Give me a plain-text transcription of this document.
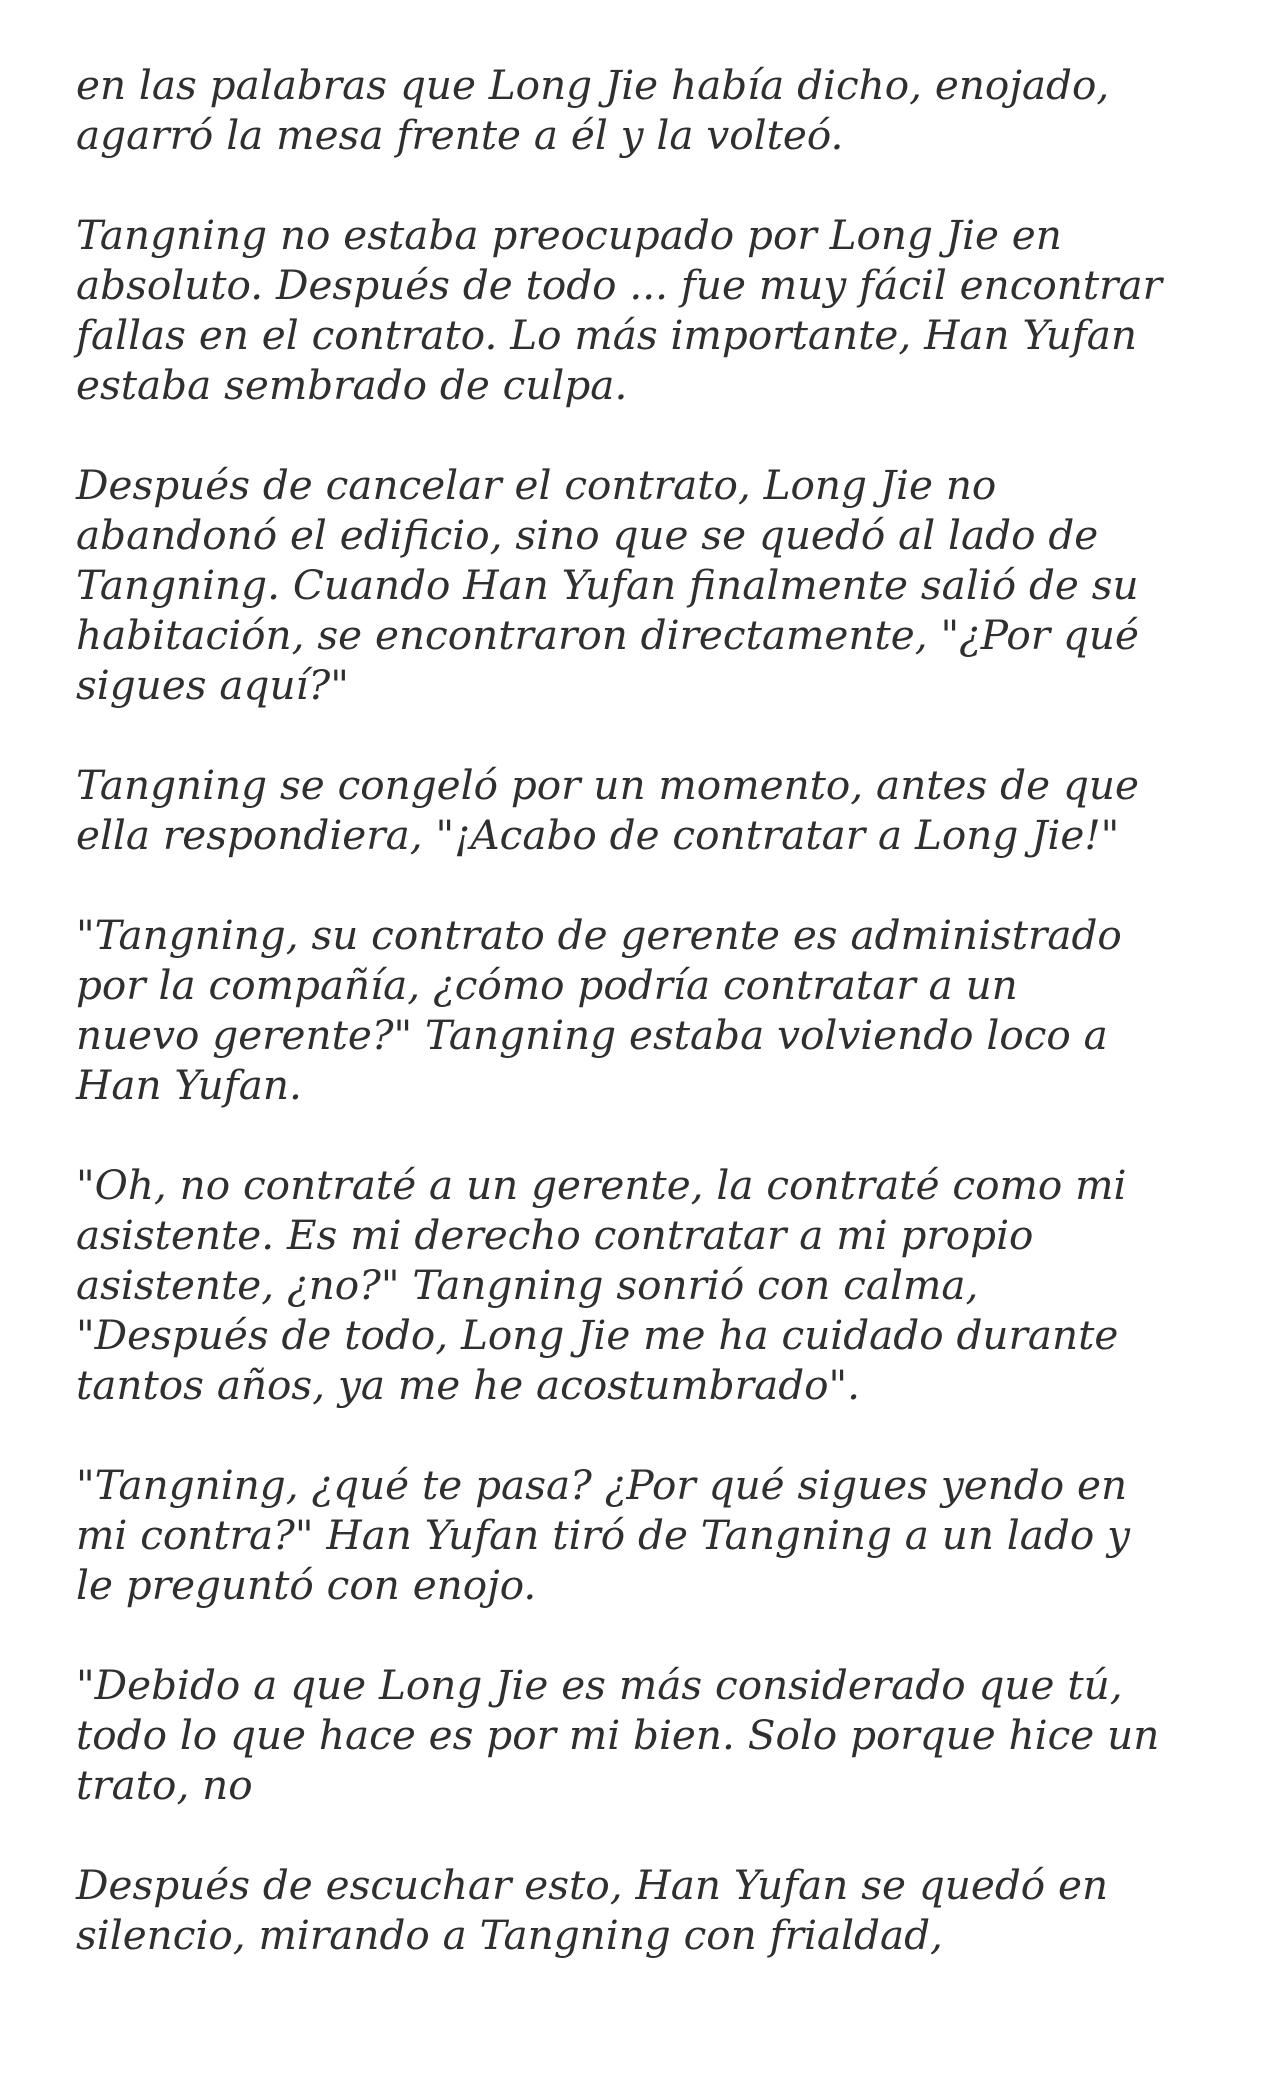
en las palabras que Long Jie había dicho, enojado,
agarró la mesa frente a él y la volteó.

Tangning no estaba preocupado por Long Jie en
absoluto. Después de todo ... fue muy fácil encontrar
fallas en el contrato. Lo más importante, Han Yufan
estaba sembrado de culpa.

Después de cancelar el contrato, Long Jie no
abandonó el edificio, sino que se quedó al lado de
Tangning. Cuando Han Yufan finalmente salió de su
habitación, se encontraron directamente, "¿Por qué
sigues aquí?"

Tangning se congeló por un momento, antes de que
ella respondiera, "¡Acabo de contratar a Long Jie!"

"Tangning, su contrato de gerente es administrado
por la compañía, ¿cómo podría contratar a un
nuevo gerente?" Tangning estaba volviendo loco a
Han Yufan.

"Oh, no contraté a un gerente, la contraté como mi
asistente. Es mi derecho contratar a mi propio
asistente, ¿no?" Tangning sonrió con calma,
"Después de todo, Long Jie me ha cuidado durante
tantos años, ya me he acostumbrado".

"Tangning, ¿qué te pasa? ¿Por qué sigues yendo en
mi contra?" Han Yufan tiró de Tangning a un lado y
le preguntó con enojo.

"Debido a que Long Jie es más considerado que tú,
todo lo que hace es por mi bien. Solo porque hice un
trato, no

Después de escuchar esto, Han Yufan se quedó en
silencio, mirando a Tangning con frialdad,
